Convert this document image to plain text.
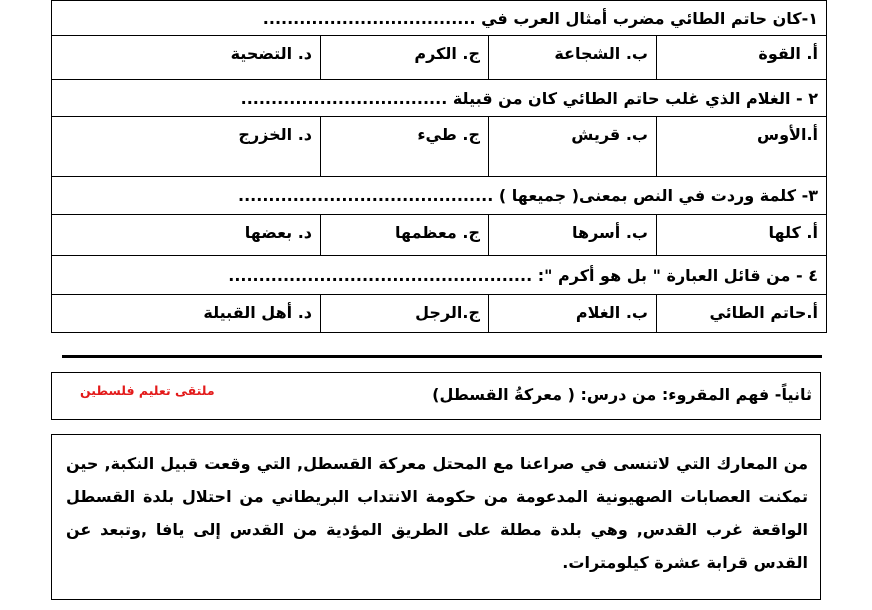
١-كان حاتم الطائي مضرب أمثال العرب في ...................................			
أ. القوة	ب. الشجاعة	ج. الكرم	د. التضحية
٢ - الغلام الذي غلب حاتم الطائي كان من قبيلة ..................................			
أ.الأوس	ب. قريش	ج. طيء	د. الخزرج
٣- كلمة وردت في النص بمعنى( جميعها ) ..........................................			
أ. كلها	ب. أسرها	ج. معظمها	د. بعضها
٤ - من قائل العبارة " بل هو أكرم ": ..................................................			
أ.حاتم الطائي	ب. الغلام	ج.الرجل	د. أهل القبيلة
ثانياً- فهم المقروء: من درس: ( معركةُ القسطل)
ملتقى تعليم فلسطين

من المعارك التي لاتنسى في صراعنا مع المحتل معركة القسطل, التي وقعت قبيل النكبة, حين تمكنت العصابات الصهيونية المدعومة من حكومة الانتداب البريطاني من احتلال بلدة القسطل الواقعة غرب القدس, وهي بلدة مطلة على الطريق المؤدية من القدس إلى يافا ,وتبعد عن القدس قرابة عشرة كيلومترات.
